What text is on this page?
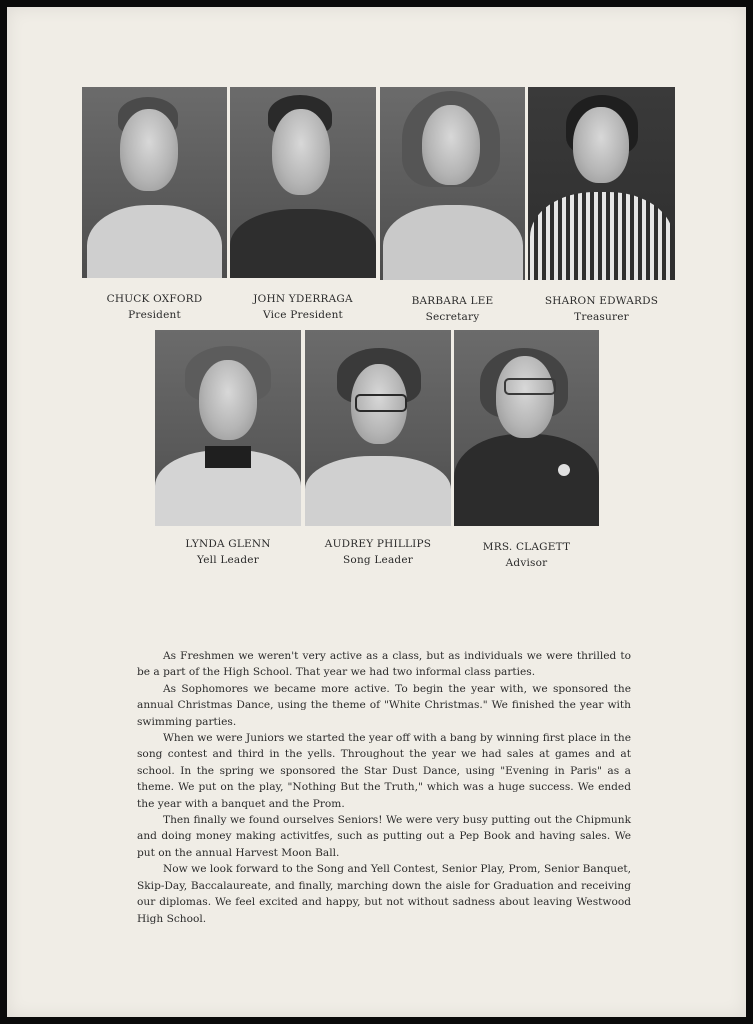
CHUCK OXFORD
President
JOHN YDERRAGA
Vice President
BARBARA LEE
Secretary
SHARON EDWARDS
Treasurer
LYNDA GLENN
Yell Leader
AUDREY PHILLIPS
Song Leader
MRS. CLAGETT
Advisor

As Freshmen we weren't very active as a class, but as individuals we were thrilled to be a part of the High School. That year we had two informal class parties.

As Sophomores we became more active. To begin the year with, we sponsored the annual Christmas Dance, using the theme of "White Christmas." We finished the year with swimming parties.

When we were Juniors we started the year off with a bang by winning first place in the song contest and third in the yells. Throughout the year we had sales at games and at school. In the spring we sponsored the Star Dust Dance, using "Evening in Paris" as a theme. We put on the play, "Nothing But the Truth," which was a huge success. We ended the year with a banquet and the Prom.

Then finally we found ourselves Seniors! We were very busy putting out the Chipmunk and doing money making activitfes, such as putting out a Pep Book and having sales. We put on the annual Harvest Moon Ball.

Now we look forward to the Song and Yell Contest, Senior Play, Prom, Senior Banquet, Skip-Day, Baccalaureate, and finally, marching down the aisle for Graduation and receiving our diplomas. We feel excited and happy, but not without sadness about leaving Westwood High School.
